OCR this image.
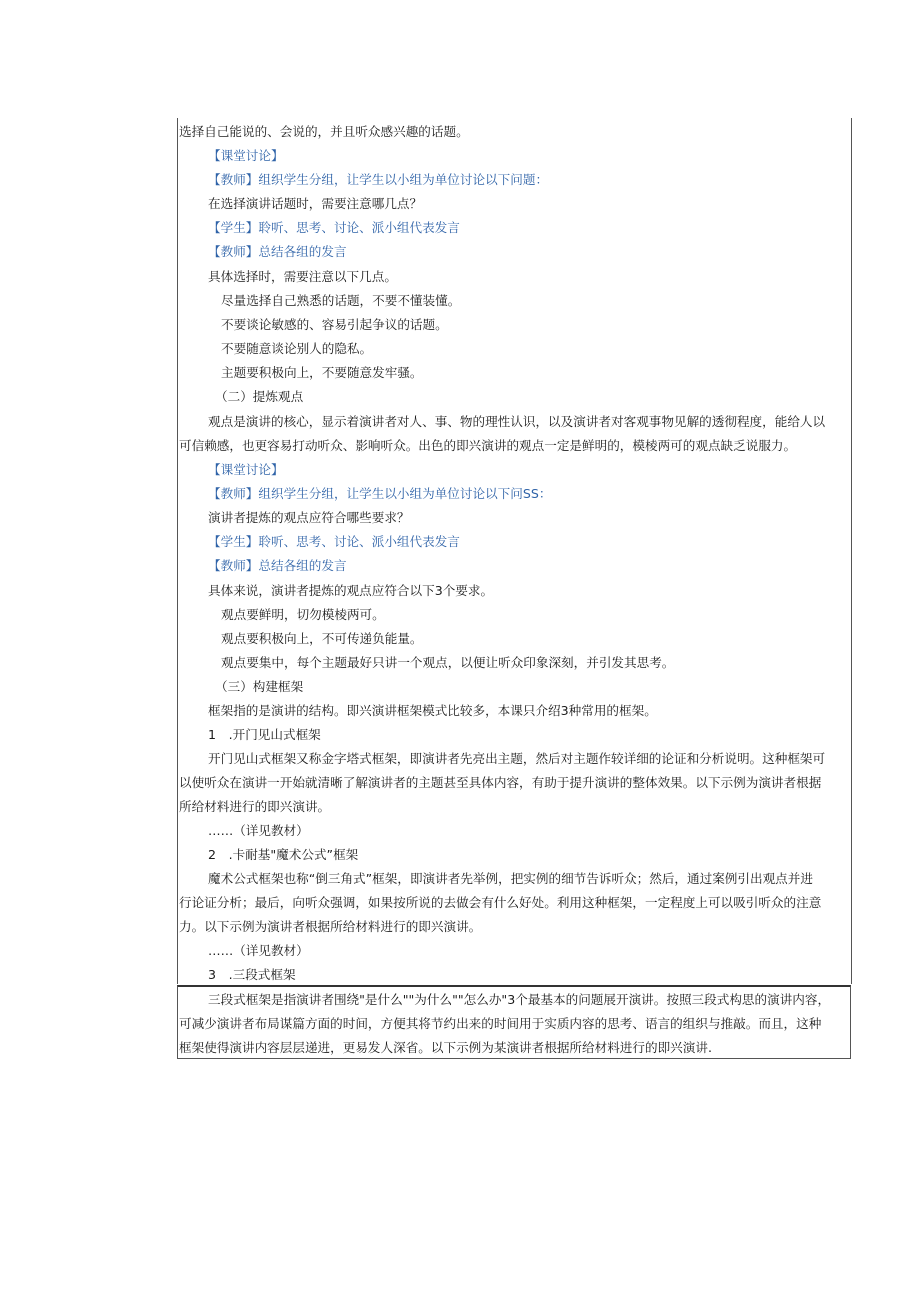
选择自己能说的、会说的，并且听众感兴趣的话题。
【课堂讨论】
【教师】组织学生分组，让学生以小组为单位讨论以下问题：
在选择演讲话题时，需要注意哪几点？
【学生】聆听、思考、讨论、派小组代表发言
【教师】总结各组的发言
具体选择时，需要注意以下几点。
尽量选择自己熟悉的话题，不要不懂装懂。
不要谈论敏感的、容易引起争议的话题。
不要随意谈论别人的隐私。
主题要积极向上，不要随意发牢骚。
（二）提炼观点
观点是演讲的核心，显示着演讲者对人、事、物的理性认识，以及演讲者对客观事物见解的透彻程度，能给人以
可信赖感，也更容易打动听众、影响听众。出色的即兴演讲的观点一定是鲜明的，模棱两可的观点缺乏说服力。
【课堂讨论】
【教师】组织学生分组，让学生以小组为单位讨论以下问SS：
演讲者提炼的观点应符合哪些要求？
【学生】聆听、思考、讨论、派小组代表发言
【教师】总结各组的发言
具体来说，演讲者提炼的观点应符合以下3个要求。
观点要鲜明，切勿模棱两可。
观点要积极向上，不可传递负能量。
观点要集中，每个主题最好只讲一个观点，以便让听众印象深刻，并引发其思考。
（三）构建框架
框架指的是演讲的结构。即兴演讲框架模式比较多，本课只介绍3种常用的框架。
1　.开门见山式框架
开门见山式框架又称金字塔式框架，即演讲者先亮出主题，然后对主题作较详细的论证和分析说明。这种框架可
以使听众在演讲一开始就清晰了解演讲者的主题甚至具体内容，有助于提升演讲的整体效果。以下示例为演讲者根据
所给材料进行的即兴演讲。
……（详见教材）
2　.卡耐基"魔术公式”框架
魔术公式框架也称“倒三角式”框架，即演讲者先举例，把实例的细节告诉听众；然后，通过案例引出观点并进
行论证分析；最后，向听众强调，如果按所说的去做会有什么好处。利用这种框架，一定程度上可以吸引听众的注意
力。以下示例为演讲者根据所给材料进行的即兴演讲。
……（详见教材）
3　.三段式框架
三段式框架是指演讲者围绕"是什么""为什么""怎么办"3个最基本的问题展开演讲。按照三段式构思的演讲内容，
可减少演讲者布局谋篇方面的时间，方便其将节约出来的时间用于实质内容的思考、语言的组织与推敲。而且，这种
框架使得演讲内容层层递进，更易发人深省。以下示例为某演讲者根据所给材料进行的即兴演讲.
